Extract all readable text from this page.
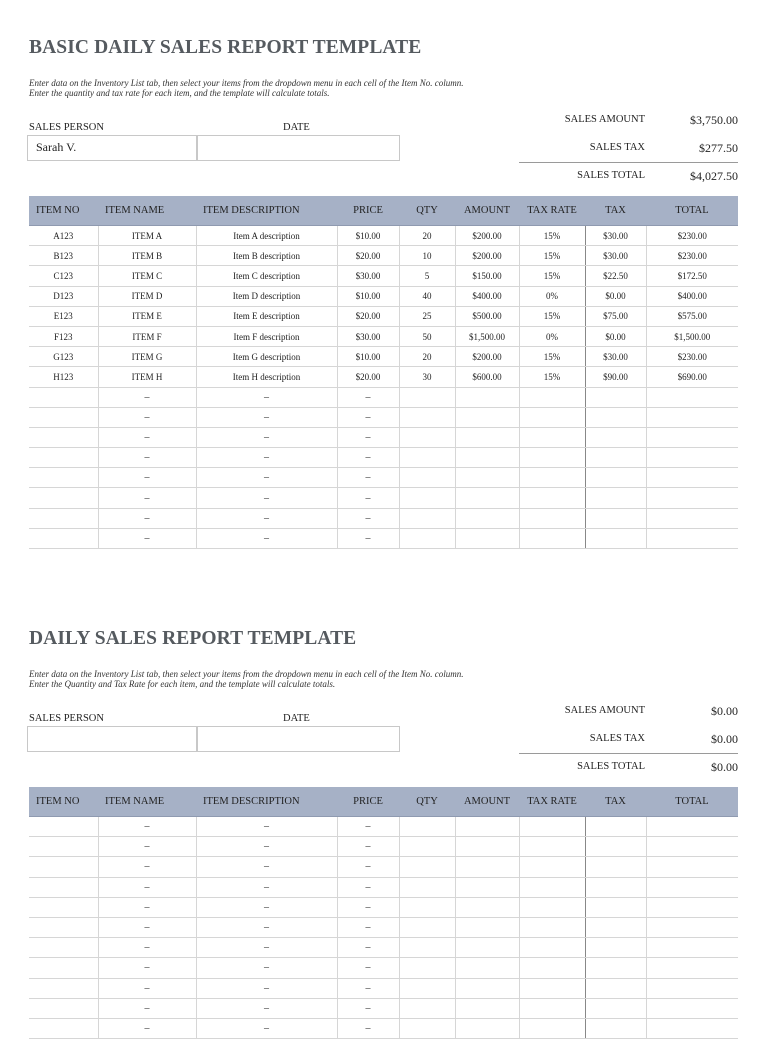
BASIC DAILY SALES REPORT TEMPLATE
Enter data on the Inventory List tab, then select your items from the dropdown menu in each cell of the Item No. column.
Enter the quantity and tax rate for each item, and the template will calculate totals.
SALES PERSON	DATE
Sarah V.
SALES AMOUNT	$3,750.00
SALES TAX	$277.50
SALES TOTAL	$4,027.50
ITEM NO	ITEM NAME	ITEM DESCRIPTION	PRICE	QTY	AMOUNT	TAX RATE	TAX	TOTAL
A123	ITEM A	Item A description	$10.00	20	$200.00	15%	$30.00	$230.00
B123	ITEM B	Item B description	$20.00	10	$200.00	15%	$30.00	$230.00
C123	ITEM C	Item C description	$30.00	5	$150.00	15%	$22.50	$172.50
D123	ITEM D	Item D description	$10.00	40	$400.00	0%	$0.00	$400.00
E123	ITEM E	Item E description	$20.00	25	$500.00	15%	$75.00	$575.00
F123	ITEM F	Item F description	$30.00	50	$1,500.00	0%	$0.00	$1,500.00
G123	ITEM G	Item G description	$10.00	20	$200.00	15%	$30.00	$230.00
H123	ITEM H	Item H description	$20.00	30	$600.00	15%	$90.00	$690.00
	–	–	–					
	–	–	–					
	–	–	–					
	–	–	–					
	–	–	–					
	–	–	–					
	–	–	–					
	–	–	–					
DAILY SALES REPORT TEMPLATE
Enter data on the Inventory List tab, then select your items from the dropdown menu in each cell of the Item No. column.
Enter the Quantity and Tax Rate for each item, and the template will calculate totals.
SALES PERSON	DATE
SALES AMOUNT	$0.00
SALES TAX	$0.00
SALES TOTAL	$0.00
ITEM NO	ITEM NAME	ITEM DESCRIPTION	PRICE	QTY	AMOUNT	TAX RATE	TAX	TOTAL
	–	–	–					
	–	–	–					
	–	–	–					
	–	–	–					
	–	–	–					
	–	–	–					
	–	–	–					
	–	–	–					
	–	–	–					
	–	–	–					
	–	–	–					
